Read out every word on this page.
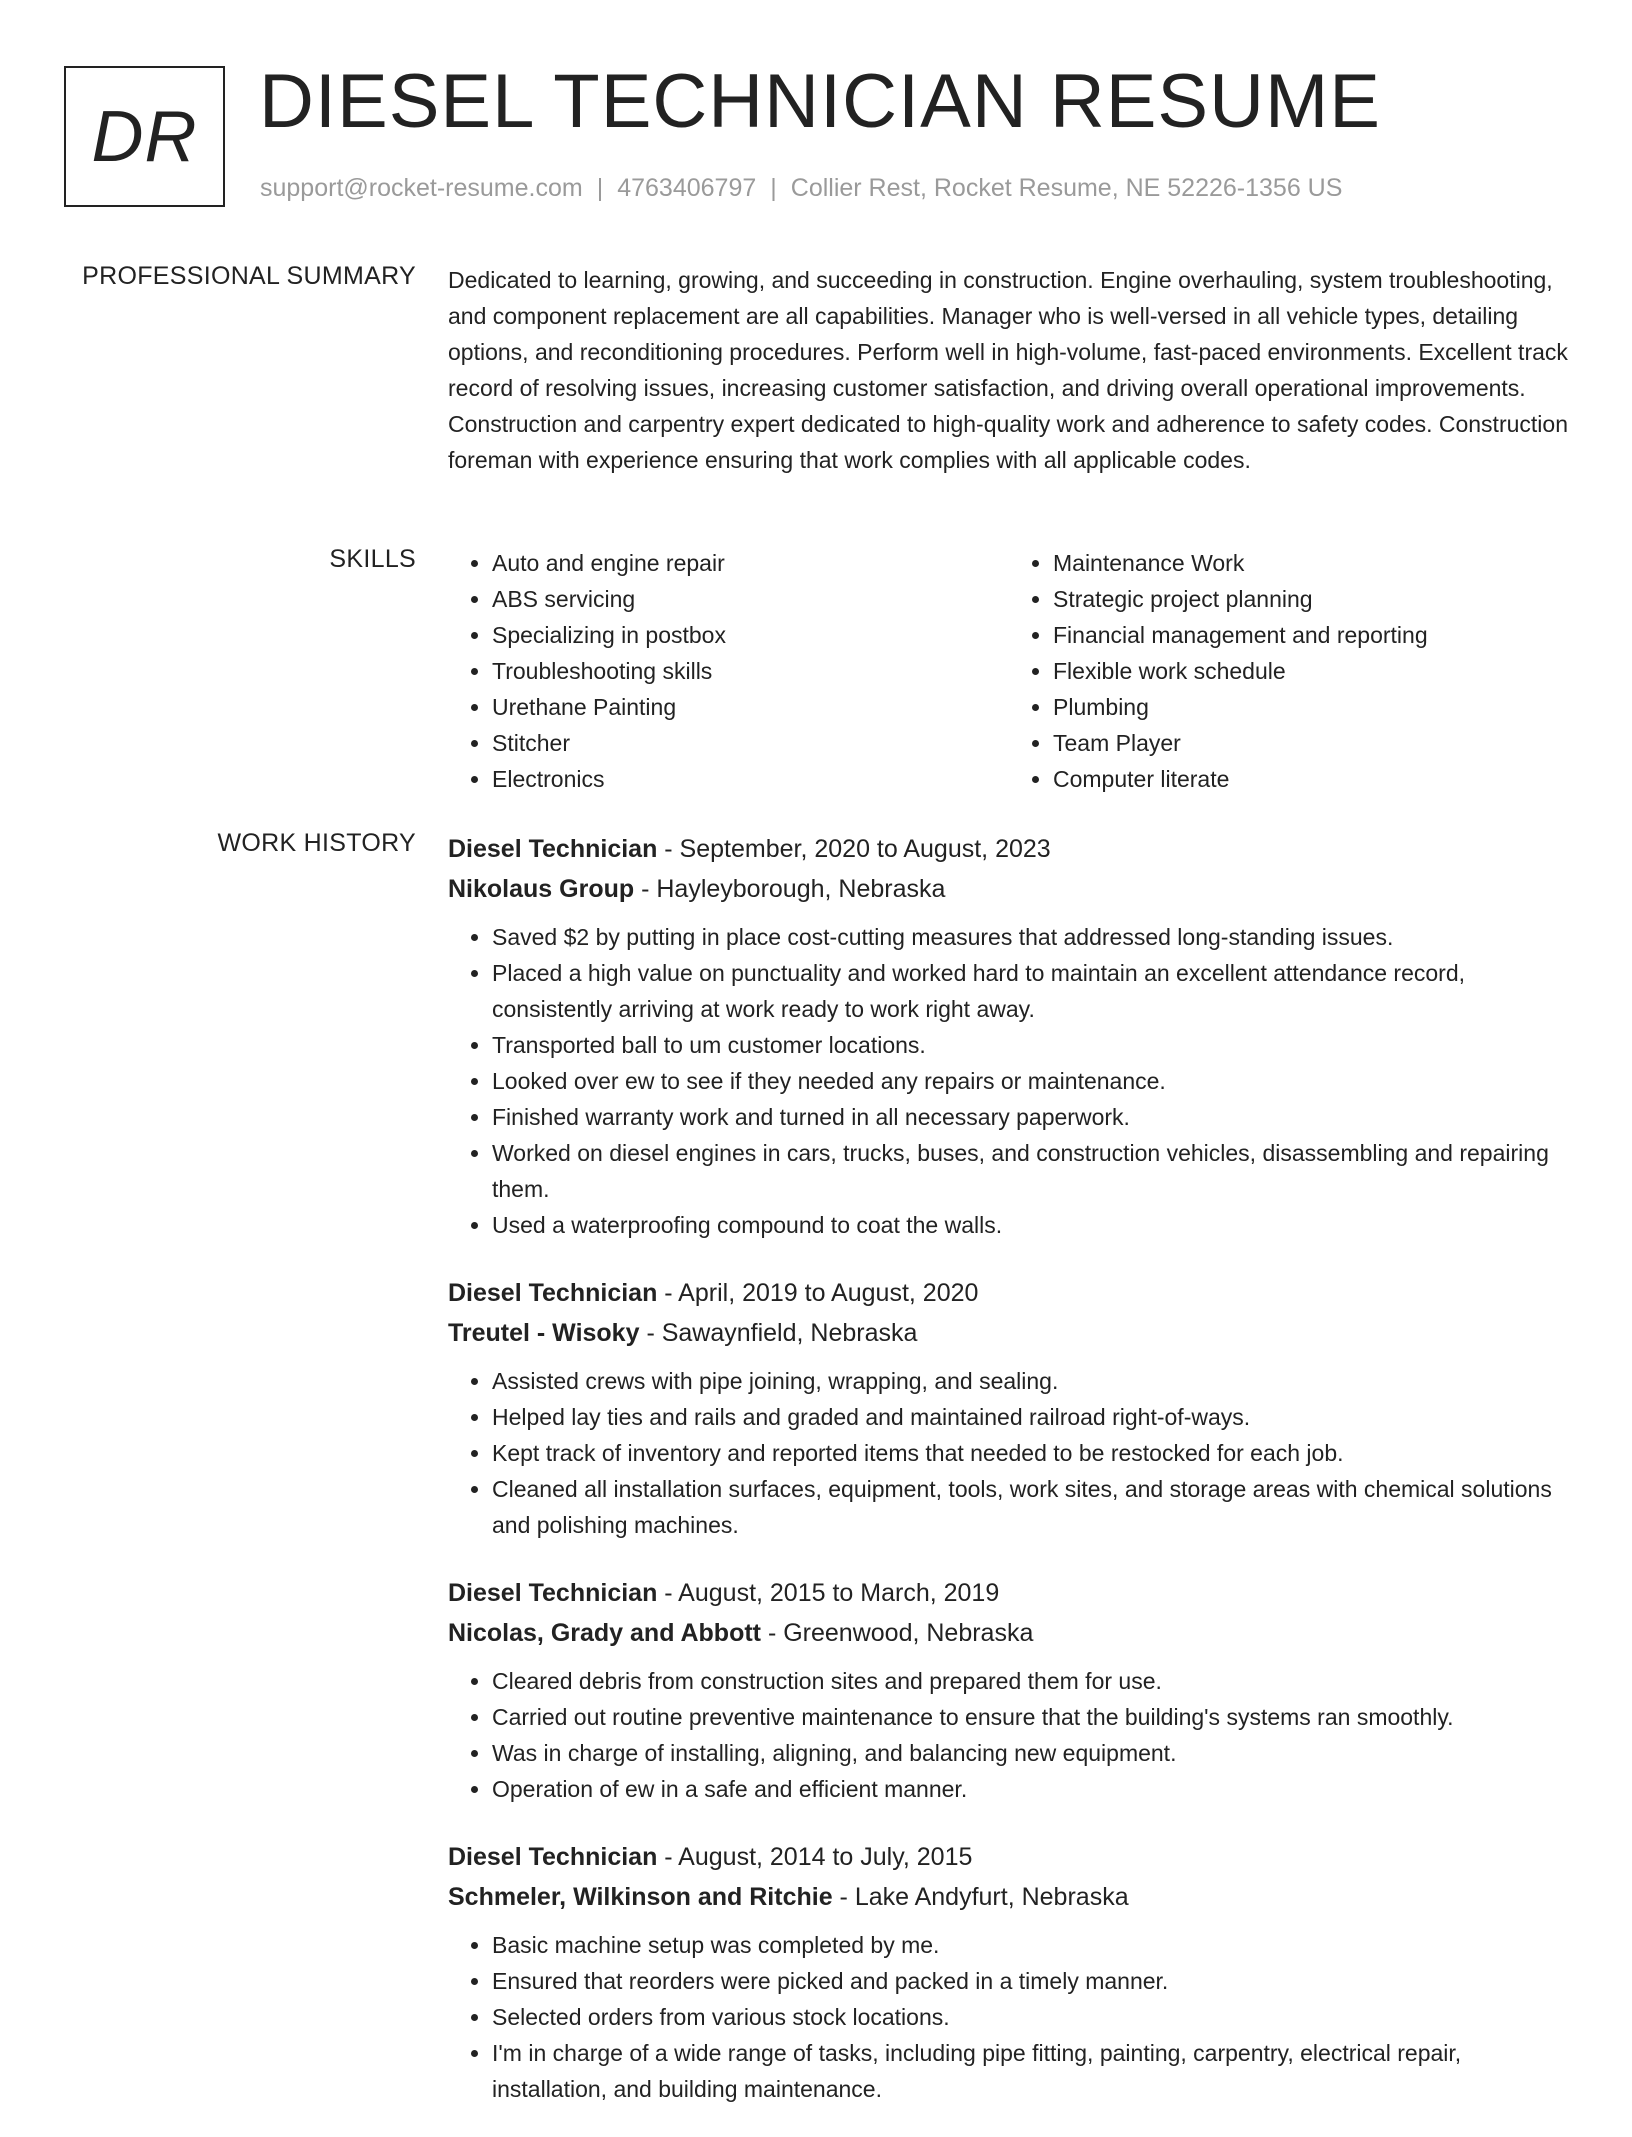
DR DIESEL TECHNICIAN RESUME
support@rocket-resume.com | 4763406797 | Collier Rest, Rocket Resume, NE 52226-1356 US
PROFESSIONAL SUMMARY Dedicated to learning, growing, and succeeding in construction. Engine overhauling, system troubleshooting, and component replacement are all capabilities. Manager who is well-versed in all vehicle types, detailing options, and reconditioning procedures. Perform well in high-volume, fast-paced environments. Excellent track record of resolving issues, increasing customer satisfaction, and driving overall operational improvements. Construction and carpentry expert dedicated to high-quality work and adherence to safety codes. Construction foreman with experience ensuring that work complies with all applicable codes.

SKILLS
•	Auto and engine repair
• ABS servicing
• Specializing in postbox
• Troubleshooting skills
• Urethane Painting
• Stitcher
• Electronics
• Maintenance Work
• Strategic project planning
• Financial management and reporting
• Flexible work schedule
• Plumbing
• Team Player
• Computer literate
WORK HISTORY Diesel Technician - September, 2020 to August, 2023
Nikolaus Group - Hayleyborough, Nebraska
• Saved $2 by putting in place cost-cutting measures that addressed long-standing issues.
• Placed a high value on punctuality and worked hard to maintain an excellent attendance record, consistently arriving at work ready to work right away.
• Transported ball to um customer locations.
• Looked over ew to see if they needed any repairs or maintenance.
• Finished warranty work and turned in all necessary paperwork.
• Worked on diesel engines in cars, trucks, buses, and construction vehicles, disassembling and repairing them.
• Used a waterproofing compound to coat the walls.
Diesel Technician - April, 2019 to August, 2020
Treutel - Wisoky - Sawaynfield, Nebraska
• Assisted crews with pipe joining, wrapping, and sealing.
• Helped lay ties and rails and graded and maintained railroad right-of-ways.
• Kept track of inventory and reported items that needed to be restocked for each job.
• Cleaned all installation surfaces, equipment, tools, work sites, and storage areas with chemical solutions and polishing machines.
Diesel Technician - August, 2015 to March, 2019
Nicolas, Grady and Abbott - Greenwood, Nebraska
• Cleared debris from construction sites and prepared them for use.
• Carried out routine preventive maintenance to ensure that the building's systems ran smoothly.
• Was in charge of installing, aligning, and balancing new equipment.
• Operation of ew in a safe and efficient manner.
Diesel Technician - August, 2014 to July, 2015
Schmeler, Wilkinson and Ritchie - Lake Andyfurt, Nebraska
• Basic machine setup was completed by me.
• Ensured that reorders were picked and packed in a timely manner.
• Selected orders from various stock locations.
• I'm in charge of a wide range of tasks, including pipe fitting, painting, carpentry, electrical repair, installation, and building maintenance.
